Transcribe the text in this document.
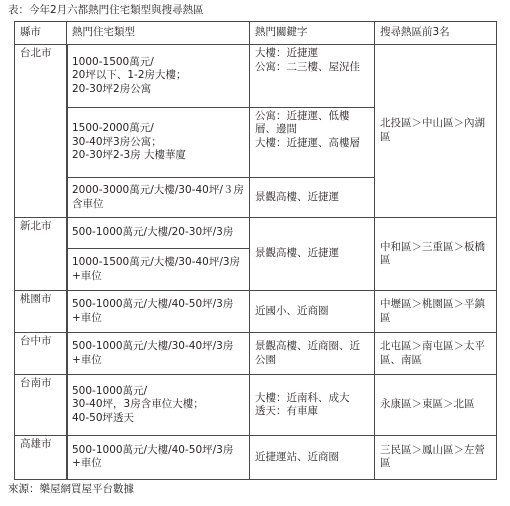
表：今年2月六都熱門住宅類型與搜尋熱區
縣市	熱門住宅類型	熱門關鍵字	搜尋熱區前3名
台北市	1000-1500萬元/
20坪以下、1-2房大樓；
20-30坪2房公寓	大樓：近捷運
公寓：二三樓、屋況佳	北投區＞中山區＞內湖區
	1500-2000萬元/
30-40坪3房公寓；
20-30坪2-3房 大樓華廈	公寓：近捷運、低樓層、邊間
大樓：近捷運、高樓層	
	2000-3000萬元/大樓/30-40坪/３房含車位	景觀高樓、近捷運	
新北市	500-1000萬元/大樓/20-30坪/3房	景觀高樓、近捷運	中和區＞三重區＞板橋區
	1000-1500萬元/大樓/30-40坪/3房+車位		
桃園市	500-1000萬元/大樓/40-50坪/3房+車位	近國小、近商圈	中壢區＞桃園區＞平鎮區
台中市	500-1000萬元/大樓/30-40坪/3房+車位	景觀高樓、近商圈、近公園	北屯區＞南屯區＞太平區、南區
台南市	500-1000萬元/
30-40坪，3房含車位大樓；
40-50坪透天	大樓：近南科、成大
透天：有車庫	永康區＞東區＞北區
高雄市	500-1000萬元/大樓/40-50坪/3房+車位	近捷運站、近商圈	三民區＞鳳山區＞左營區
來源：樂屋網買屋平台數據
